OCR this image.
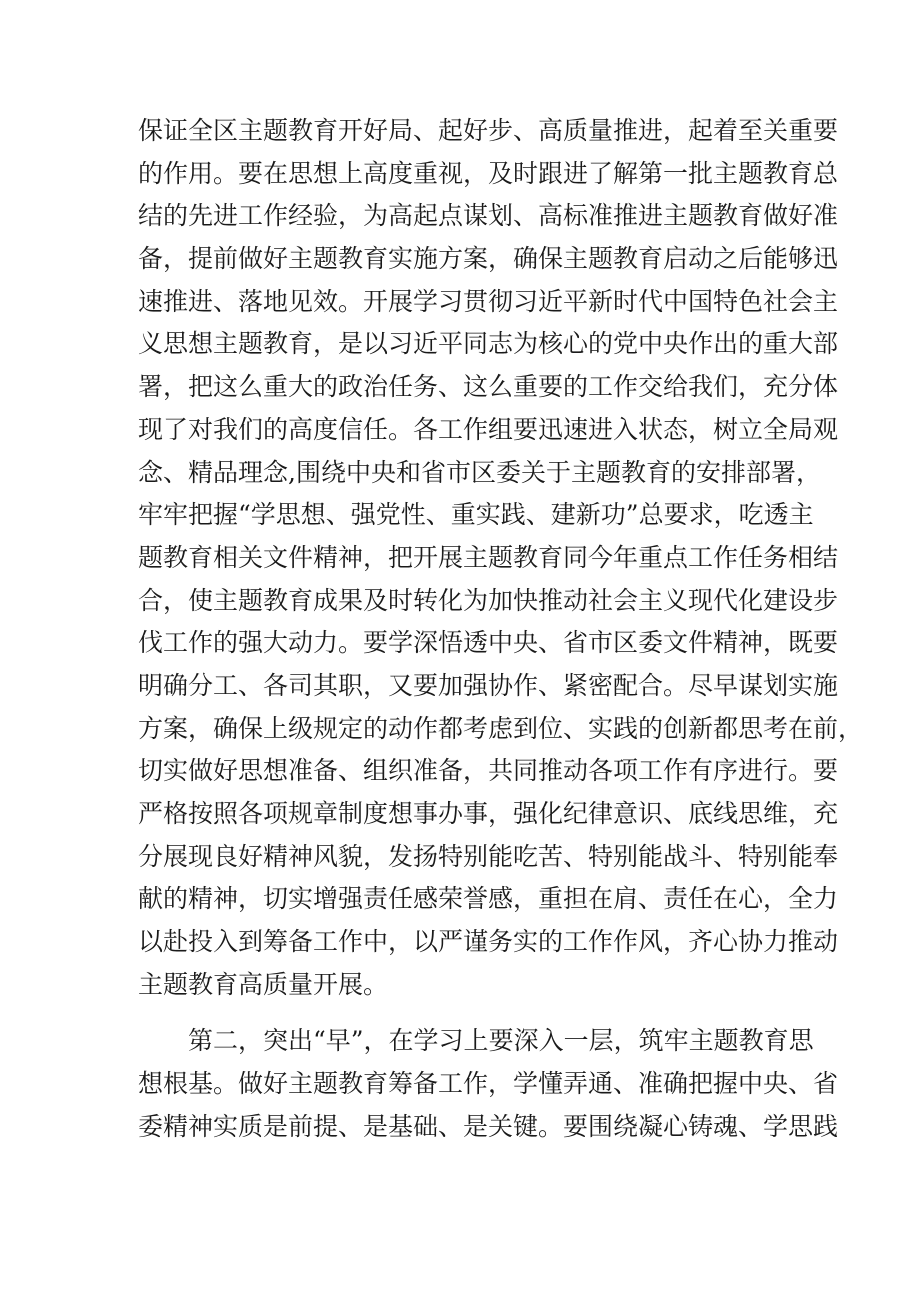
保证全区主题教育开好局、起好步、高质量推进，起着至关重要
的作用。要在思想上高度重视，及时跟进了解第一批主题教育总
结的先进工作经验，为高起点谋划、高标准推进主题教育做好准
备，提前做好主题教育实施方案，确保主题教育启动之后能够迅
速推进、落地见效。开展学习贯彻习近平新时代中国特色社会主
义思想主题教育，是以习近平同志为核心的党中央作出的重大部
署，把这么重大的政治任务、这么重要的工作交给我们，充分体
现了对我们的高度信任。各工作组要迅速进入状态，树立全局观
念、精品理念,围绕中央和省市区委关于主题教育的安排部署，
牢牢把握“学思想、强党性、重实践、建新功”总要求，吃透主
题教育相关文件精神，把开展主题教育同今年重点工作任务相结
合，使主题教育成果及时转化为加快推动社会主义现代化建设步
伐工作的强大动力。要学深悟透中央、省市区委文件精神，既要
明确分工、各司其职，又要加强协作、紧密配合。尽早谋划实施
方案，确保上级规定的动作都考虑到位、实践的创新都思考在前，
切实做好思想准备、组织准备，共同推动各项工作有序进行。要
严格按照各项规章制度想事办事，强化纪律意识、底线思维，充
分展现良好精神风貌，发扬特别能吃苦、特别能战斗、特别能奉
献的精神，切实增强责任感荣誉感，重担在肩、责任在心，全力
以赴投入到筹备工作中，以严谨务实的工作作风，齐心协力推动
主题教育高质量开展。
第二，突出“早”，在学习上要深入一层，筑牢主题教育思
想根基。做好主题教育筹备工作，学懂弄通、准确把握中央、省
委精神实质是前提、是基础、是关键。要围绕凝心铸魂、学思践
